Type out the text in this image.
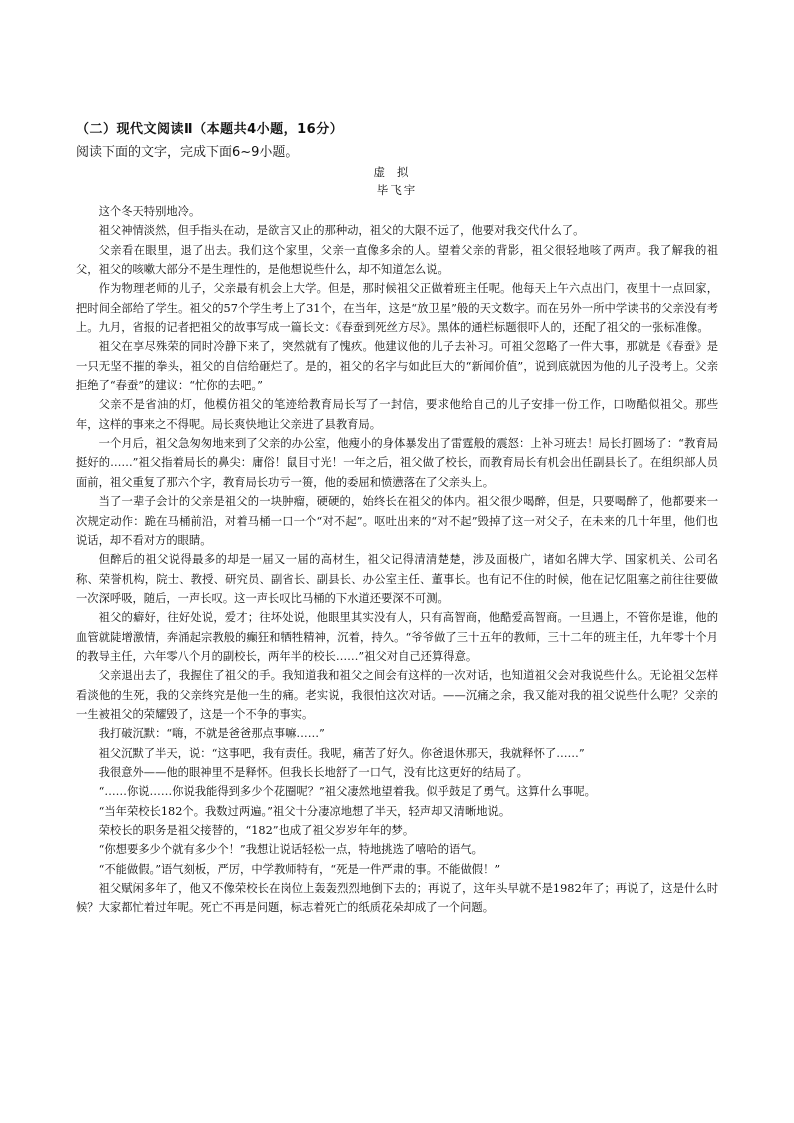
（二）现代文阅读Ⅱ（本题共4小题，16分）
阅读下面的文字，完成下面6~9小题。
虚拟
毕飞宇

这个冬天特别地冷。

祖父神情淡然，但手指头在动，是欲言又止的那种动，祖父的大限不远了，他要对我交代什么了。

父亲看在眼里，退了出去。我们这个家里，父亲一直像多余的人。望着父亲的背影，祖父很轻地咳了两声。我了解我的祖父，祖父的咳嗽大部分不是生理性的，是他想说些什么，却不知道怎么说。

作为物理老师的儿子，父亲最有机会上大学。但是，那时候祖父正做着班主任呢。他每天上午六点出门，夜里十一点回家，把时间全部给了学生。祖父的57个学生考上了31个，在当年，这是“放卫星”般的天文数字。而在另外一所中学读书的父亲没有考上。九月，省报的记者把祖父的故事写成一篇长文：《春蚕到死丝方尽》。黑体的通栏标题很吓人的，还配了祖父的一张标准像。

祖父在享尽殊荣的同时冷静下来了，突然就有了愧疚。他建议他的儿子去补习。可祖父忽略了一件大事，那就是《春蚕》是一只无坚不摧的拳头，祖父的自信给砸烂了。是的，祖父的名字与如此巨大的“新闻价值”，说到底就因为他的儿子没考上。父亲拒绝了“春蚕”的建议：“忙你的去吧。”

父亲不是省油的灯，他模仿祖父的笔迹给教育局长写了一封信，要求他给自己的儿子安排一份工作，口吻酷似祖父。那些年，这样的事来之不得呢。局长爽快地让父亲进了县教育局。

一个月后，祖父急匆匆地来到了父亲的办公室，他瘦小的身体暴发出了雷霆般的震怒：上补习班去！局长打圆场了：“教育局挺好的……”祖父指着局长的鼻尖：庸俗！鼠目寸光！一年之后，祖父做了校长，而教育局长有机会出任副县长了。在组织部人员面前，祖父重复了那六个字，教育局长功亏一篑，他的委屈和愤懑落在了父亲头上。

当了一辈子会计的父亲是祖父的一块肿瘤，硬硬的，始终长在祖父的体内。祖父很少喝醉，但是，只要喝醉了，他都要来一次规定动作：跪在马桶前沿，对着马桶一口一个“对不起”。呕吐出来的“对不起”毁掉了这一对父子，在未来的几十年里，他们也说话，却不看对方的眼睛。

但醉后的祖父说得最多的却是一届又一届的高材生，祖父记得清清楚楚，涉及面极广，诸如名牌大学、国家机关、公司名称、荣誉机构，院士、教授、研究员、副省长、副县长、办公室主任、董事长。也有记不住的时候，他在记忆阻塞之前往往要做一次深呼吸，随后，一声长叹。这一声长叹比马桶的下水道还要深不可测。

祖父的癖好，往好处说，爱才；往坏处说，他眼里其实没有人，只有高智商，他酷爱高智商。一旦遇上，不管你是谁，他的血管就陡增激情，奔涌起宗教般的癫狂和牺牲精神，沉着，持久。“爷爷做了三十五年的教师，三十二年的班主任，九年零十个月的教导主任，六年零八个月的副校长，两年半的校长……”祖父对自己还算得意。

父亲退出去了，我握住了祖父的手。我知道我和祖父之间会有这样的一次对话，也知道祖父会对我说些什么。无论祖父怎样看淡他的生死，我的父亲终究是他一生的痛。老实说，我很怕这次对话。——沉痛之余，我又能对我的祖父说些什么呢？父亲的一生被祖父的荣耀毁了，这是一个不争的事实。

我打破沉默：“嗨，不就是爸爸那点事嘛……”

祖父沉默了半天，说：“这事吧，我有责任。我呢，痛苦了好久。你爸退休那天，我就释怀了……”

我很意外——他的眼神里不是释怀。但我长长地舒了一口气，没有比这更好的结局了。

“……你说……你说我能得到多少个花圈呢？”祖父凄然地望着我。似乎鼓足了勇气。这算什么事呢。

“当年荣校长182个。我数过两遍。”祖父十分凄凉地想了半天，轻声却又清晰地说。

荣校长的职务是祖父接替的，“182”也成了祖父岁岁年年的梦。

“你想要多少个就有多少个！”我想让说话轻松一点，特地挑选了嘻哈的语气。

“不能做假。”语气刻板，严厉，中学教师特有，“死是一件严肃的事。不能做假！”

祖父赋闲多年了，他又不像荣校长在岗位上轰轰烈烈地倒下去的；再说了，这年头早就不是1982年了；再说了，这是什么时候？大家都忙着过年呢。死亡不再是问题，标志着死亡的纸质花朵却成了一个问题。
